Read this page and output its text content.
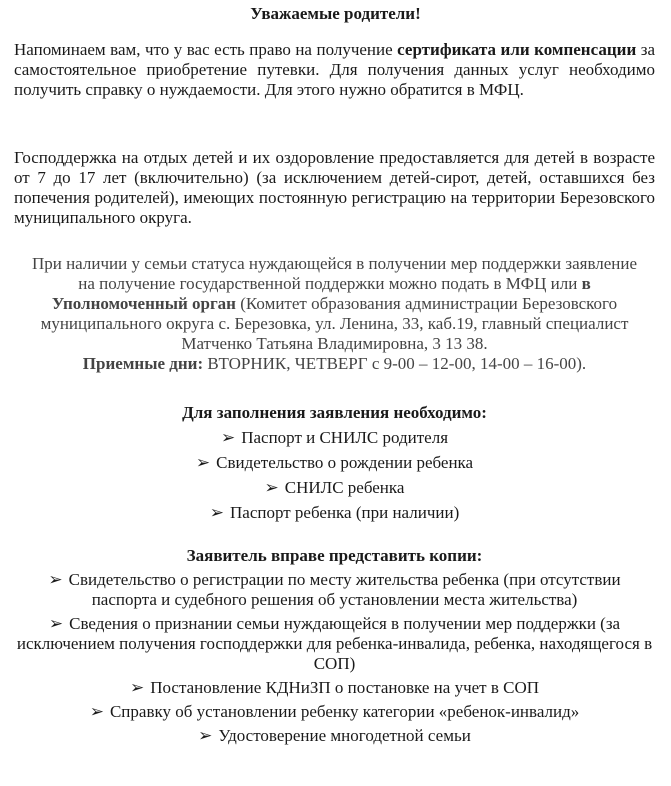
Уважаемые родители!
Напоминаем вам, что у вас есть право на получение сертификата или компенсации за самостоятельное приобретение путевки. Для получения данных услуг необходимо получить справку о нуждаемости. Для этого нужно обратится в МФЦ.
Господдержка на отдых детей и их оздоровление предоставляется для детей в возрасте от 7 до 17 лет (включительно) (за исключением детей-сирот, детей, оставшихся без попечения родителей), имеющих постоянную регистрацию на территории Березовского муниципального округа.
При наличии у семьи статуса нуждающейся в получении мер поддержки заявление на получение государственной поддержки можно подать в МФЦ или в Уполномоченный орган (Комитет образования администрации Березовского муниципального округа с. Березовка, ул. Ленина, 33, каб.19, главный специалист Матченко Татьяна Владимировна, 3 13 38.
Приемные дни: ВТОРНИК, ЧЕТВЕРГ с 9-00 – 12-00, 14-00 – 16-00).
Для заполнения заявления необходимо:
➢ Паспорт и СНИЛС родителя
➢ Свидетельство о рождении ребенка
➢ СНИЛС ребенка
➢ Паспорт ребенка (при наличии)
Заявитель вправе представить копии:
➢ Свидетельство о регистрации по месту жительства ребенка (при отсутствии паспорта и судебного решения об установлении места жительства)
➢ Сведения о признании семьи нуждающейся в получении мер поддержки (за исключением получения господдержки для ребенка-инвалида, ребенка, находящегося в СОП)
➢ Постановление КДНиЗП о постановке на учет в СОП
➢ Справку об установлении ребенку категории «ребенок-инвалид»
➢ Удостоверение многодетной семьи
